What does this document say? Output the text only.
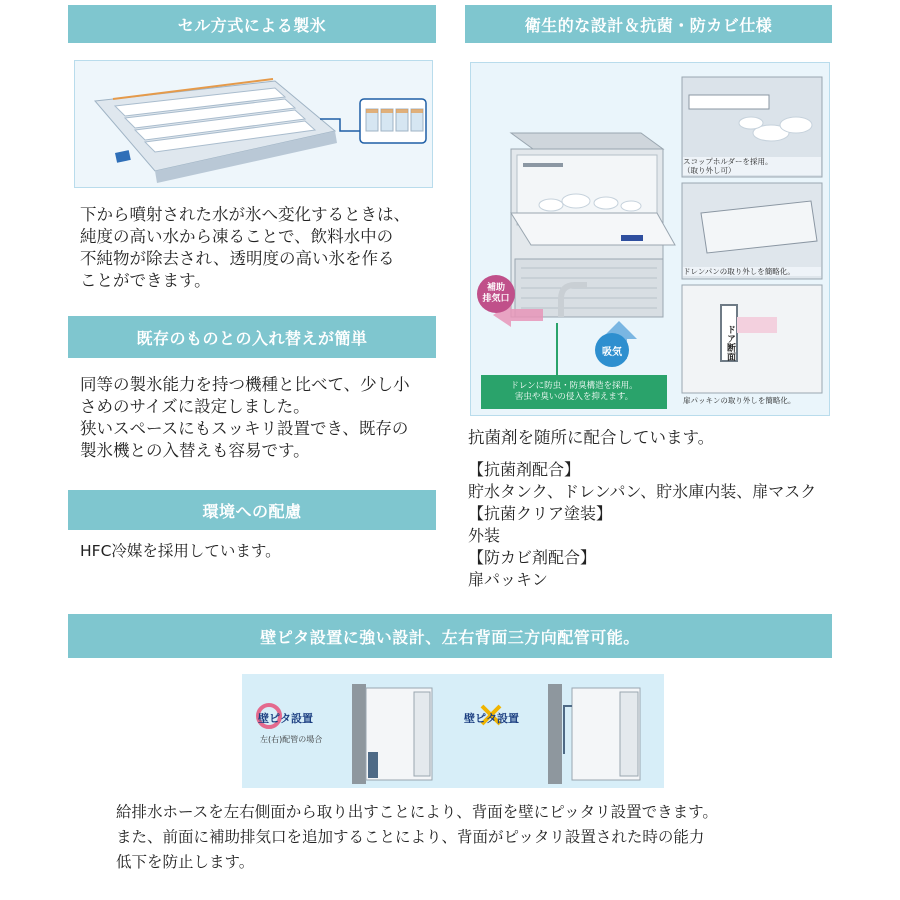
セル方式による製氷
下から噴射された水が氷へ変化するときは、
純度の高い水から凍ることで、飲料水中の
不純物が除去され、透明度の高い氷を作る
ことができます。
既存のものとの入れ替えが簡単
同等の製氷能力を持つ機種と比べて、少し小
さめのサイズに設定しました。
狭いスペースにもスッキリ設置でき、既存の
製氷機との入替えも容易です。
環境への配慮
HFC冷媒を採用しています。
衛生的な設計＆抗菌・防カビ仕様
スコップホルダーを採用。
（取り外し可）
ドレンパンの取り外しを簡略化。
ドア断面
扉パッキンの取り外しを簡略化。
補助
排気口
吸気
ドレンに防虫・防臭構造を採用。
害虫や臭いの侵入を抑えます。
抗菌剤を随所に配合しています。
【抗菌剤配合】
貯水タンク、ドレンパン、貯氷庫内装、扉マスク
【抗菌クリア塗装】
外装
【防カビ剤配合】
扉パッキン
壁ピタ設置に強い設計、左右背面三方向配管可能。
壁ピタ設置
左(右)配管の場合
壁ピタ設置
給排水ホースを左右側面から取り出すことにより、背面を壁にピッタリ設置できます。
また、前面に補助排気口を追加することにより、背面がピッタリ設置された時の能力
低下を防止します。
